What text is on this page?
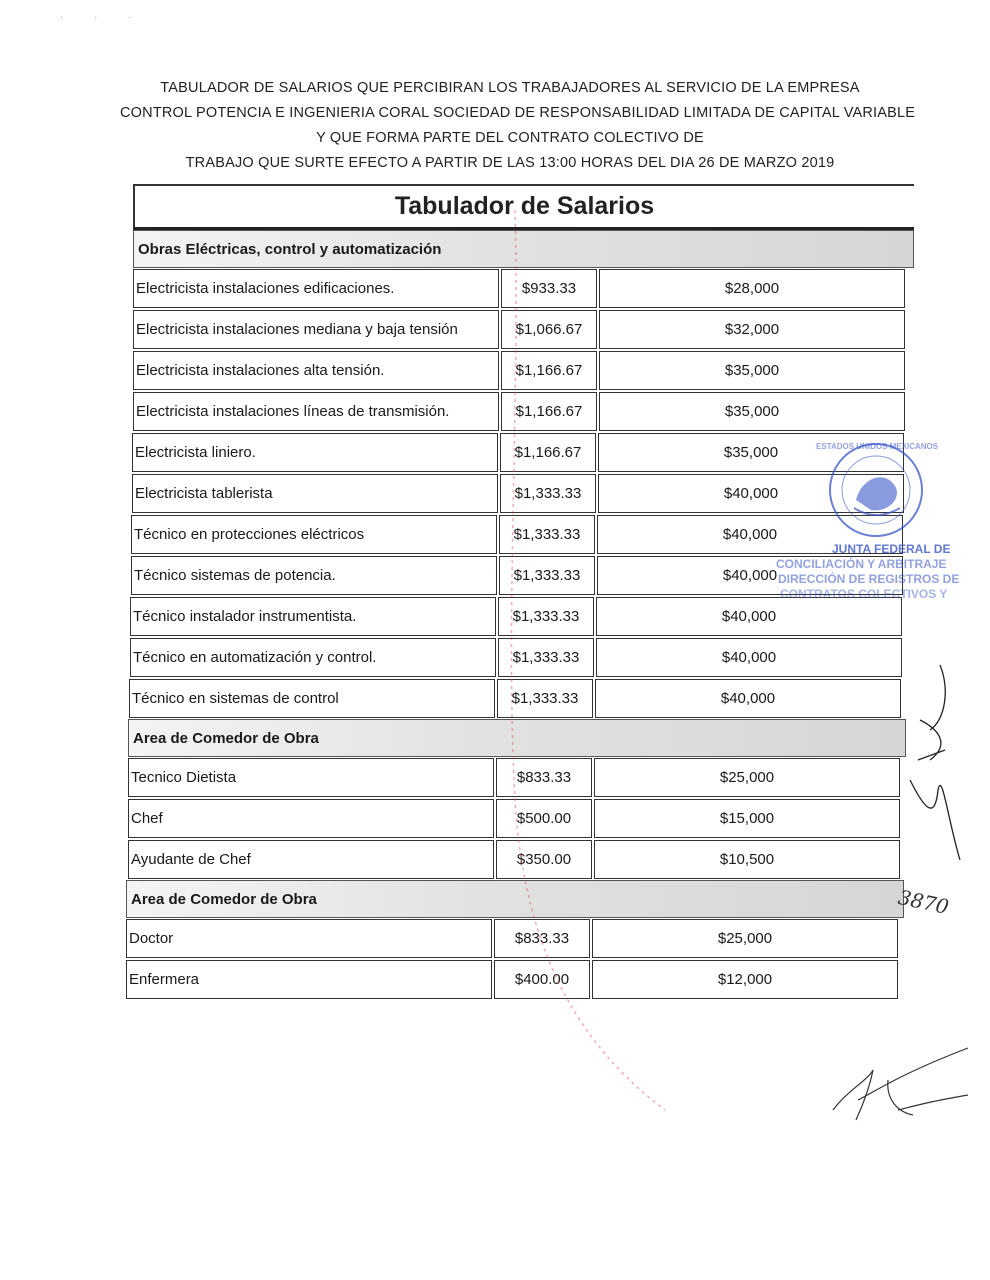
· · ·
TABULADOR DE SALARIOS QUE PERCIBIRAN LOS TRABAJADORES AL SERVICIO DE LA EMPRESA
CONTROL POTENCIA E INGENIERIA CORAL SOCIEDAD DE RESPONSABILIDAD LIMITADA DE CAPITAL VARIABLE
Y QUE FORMA PARTE DEL CONTRATO COLECTIVO DE
TRABAJO QUE SURTE EFECTO A PARTIR DE LAS 13:00 HORAS DEL DIA 26 DE MARZO 2019
Tabulador de Salarios
Obras Eléctricas, control y automatización
Electricista instalaciones edificaciones.	$933.33	$28,000
Electricista instalaciones mediana y baja tensión	$1,066.67	$32,000
Electricista instalaciones alta tensión.	$1,166.67	$35,000
Electricista instalaciones líneas de transmisión.	$1,166.67	$35,000
Electricista liniero.	$1,166.67	$35,000
Electricista tablerista	$1,333.33	$40,000
Técnico en protecciones eléctricos	$1,333.33	$40,000
Técnico sistemas de potencia.	$1,333.33	$40,000
Técnico instalador instrumentista.	$1,333.33	$40,000
Técnico en automatización y control.	$1,333.33	$40,000
Técnico en sistemas de control	$1,333.33	$40,000
Area de Comedor de Obra
Tecnico Dietista	$833.33	$25,000
Chef	$500.00	$15,000
Ayudante de Chef	$350.00	$10,500
Area de Comedor de Obra
Doctor	$833.33	$25,000
Enfermera	$400.00	$12,000
ESTADOS UNIDOS MEXICANOS
JUNTA FEDERAL DE
CONCILIACIÓN Y ARBITRAJE
DIRECCIÓN DE REGISTROS DE
CONTRATOS COLECTIVOS Y
3870
